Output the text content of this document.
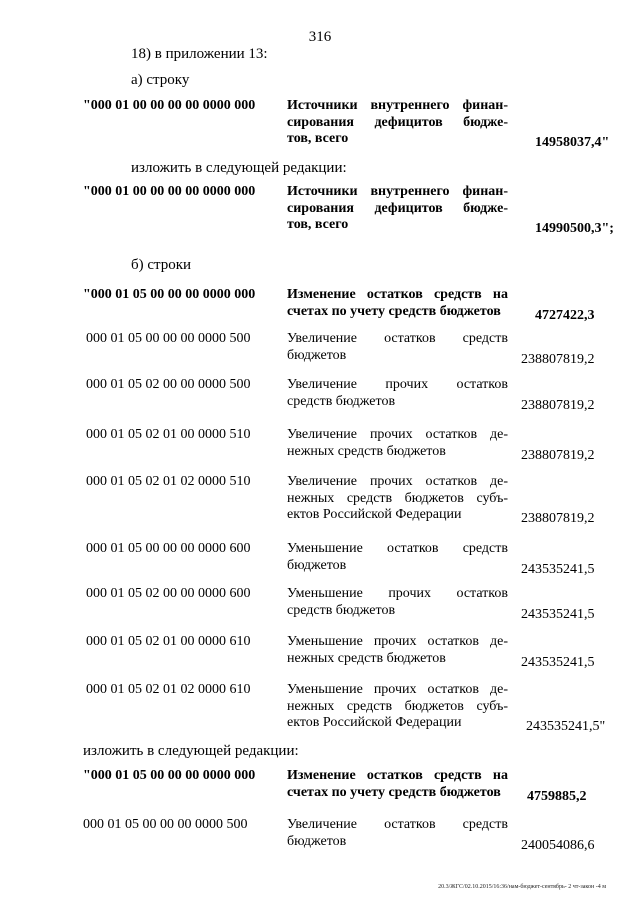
316
18) в приложении 13:
а) строку
изложить в следующей редакции:
б) строки
изложить в следующей редакции:
"000 01 00 00 00 00 0000 000 Источники внутреннего финан-
сирования дефицитов бюдже-
тов, всего	14958037,4"
"000 01 00 00 00 00 0000 000 Источники внутреннего финан-
сирования дефицитов бюдже-
тов, всего	14990500,3";
"000 01 05 00 00 00 0000 000 Изменение остатков средств на
счетах по учету средств бюджетов	4727422,3
000 01 05 00 00 00 0000 500	Увеличение остатков средств
бюджетов	238807819,2
000 01 05 02 00 00 0000 500	Увеличение прочих остатков
средств бюджетов	238807819,2
000 01 05 02 01 00 0000 510	Увеличение прочих остатков де-
нежных средств бюджетов	238807819,2
000 01 05 02 01 02 0000 510	Увеличение прочих остатков де-
нежных средств бюджетов субъ-
ектов Российской Федерации	238807819,2
000 01 05 00 00 00 0000 600	Уменьшение остатков средств
бюджетов	243535241,5
000 01 05 02 00 00 0000 600	Уменьшение прочих остатков
средств бюджетов	243535241,5
000 01 05 02 01 00 0000 610	Уменьшение прочих остатков де-
нежных средств бюджетов	243535241,5
000 01 05 02 01 02 0000 610	Уменьшение прочих остатков де-
нежных средств бюджетов субъ-
ектов Российской Федерации	243535241,5"
"000 01 05 00 00 00 0000 000 Изменение остатков средств на
счетах по учету средств бюджетов	4759885,2
000 01 05 00 00 00 0000 500	Увеличение остатков средств
бюджетов	240054086,6
20.3/ЖГС/02.10.2015/16:36/нам-бюджет-сентябрь- 2 чт-закон -4 м
